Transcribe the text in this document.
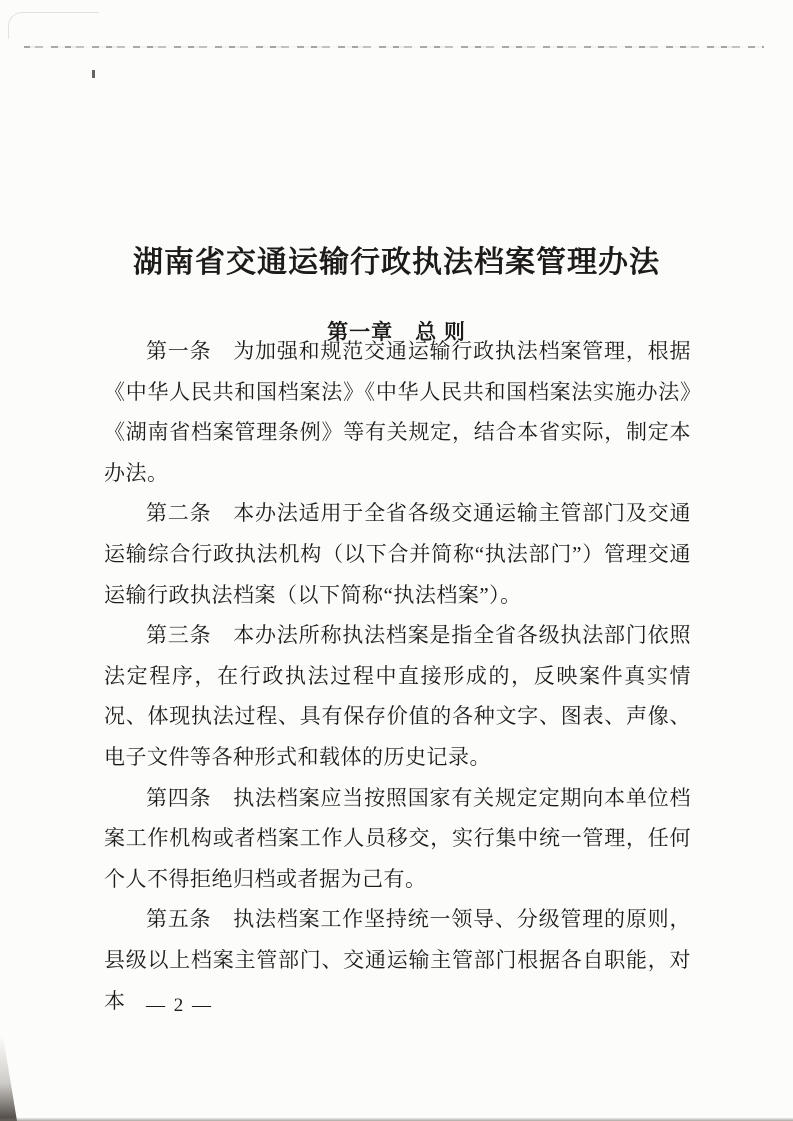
湖南省交通运输行政执法档案管理办法
第一章　总 则

第一条　为加强和规范交通运输行政执法档案管理，根据《中华人民共和国档案法》《中华人民共和国档案法实施办法》《湖南省档案管理条例》等有关规定，结合本省实际，制定本办法。

第二条　本办法适用于全省各级交通运输主管部门及交通运输综合行政执法机构（以下合并简称“执法部门”）管理交通运输行政执法档案（以下简称“执法档案”）。

第三条　本办法所称执法档案是指全省各级执法部门依照法定程序，在行政执法过程中直接形成的，反映案件真实情况、体现执法过程、具有保存价值的各种文字、图表、声像、电子文件等各种形式和载体的历史记录。

第四条　执法档案应当按照国家有关规定定期向本单位档案工作机构或者档案工作人员移交，实行集中统一管理，任何个人不得拒绝归档或者据为己有。

第五条　执法档案工作坚持统一领导、分级管理的原则，县级以上档案主管部门、交通运输主管部门根据各自职能，对本	— 2 —
